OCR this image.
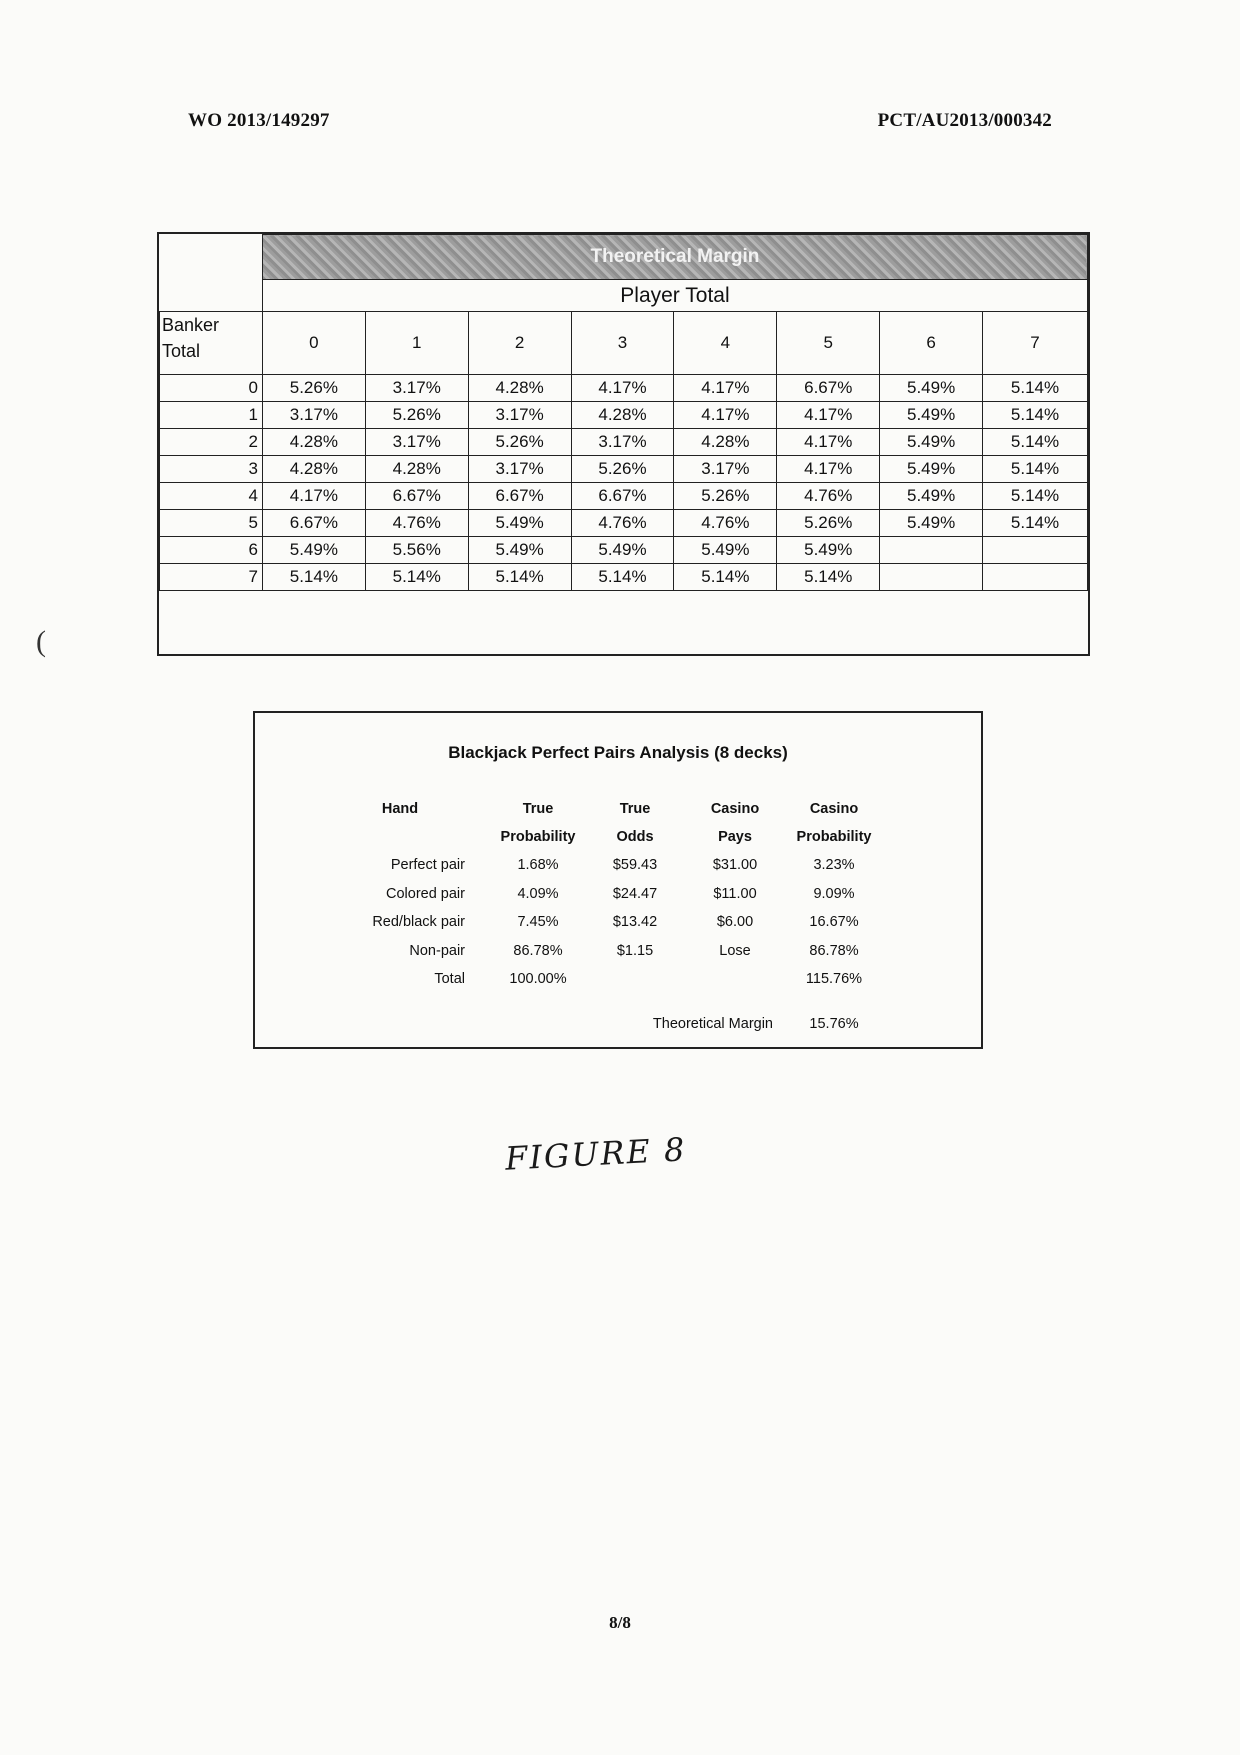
WO 2013/149297	PCT/AU2013/000342
(
	Theoretical Margin							
	Player Total							
Banker
Total	0	1	2	3	4	5	6	7
0	5.26%	3.17%	4.28%	4.17%	4.17%	6.67%	5.49%	5.14%
1	3.17%	5.26%	3.17%	4.28%	4.17%	4.17%	5.49%	5.14%
2	4.28%	3.17%	5.26%	3.17%	4.28%	4.17%	5.49%	5.14%
3	4.28%	4.28%	3.17%	5.26%	3.17%	4.17%	5.49%	5.14%
4	4.17%	6.67%	6.67%	6.67%	5.26%	4.76%	5.49%	5.14%
5	6.67%	4.76%	5.49%	4.76%	4.76%	5.26%	5.49%	5.14%
6	5.49%	5.56%	5.49%	5.49%	5.49%	5.49%		
7	5.14%	5.14%	5.14%	5.14%	5.14%	5.14%		

Blackjack Perfect Pairs Analysis (8 decks)
Hand	True	True	Casino	Casino
	Probability	Odds	Pays	Probability
Perfect pair	1.68%	$59.43	$31.00	3.23%
Colored pair	4.09%	$24.47	$11.00	9.09%
Red/black pair	7.45%	$13.42	$6.00	16.67%
Non-pair	86.78%	$1.15	Lose	86.78%
Total	100.00%			115.76%

		Theoretical Margin		15.76%
FIGURE 8
8/8
